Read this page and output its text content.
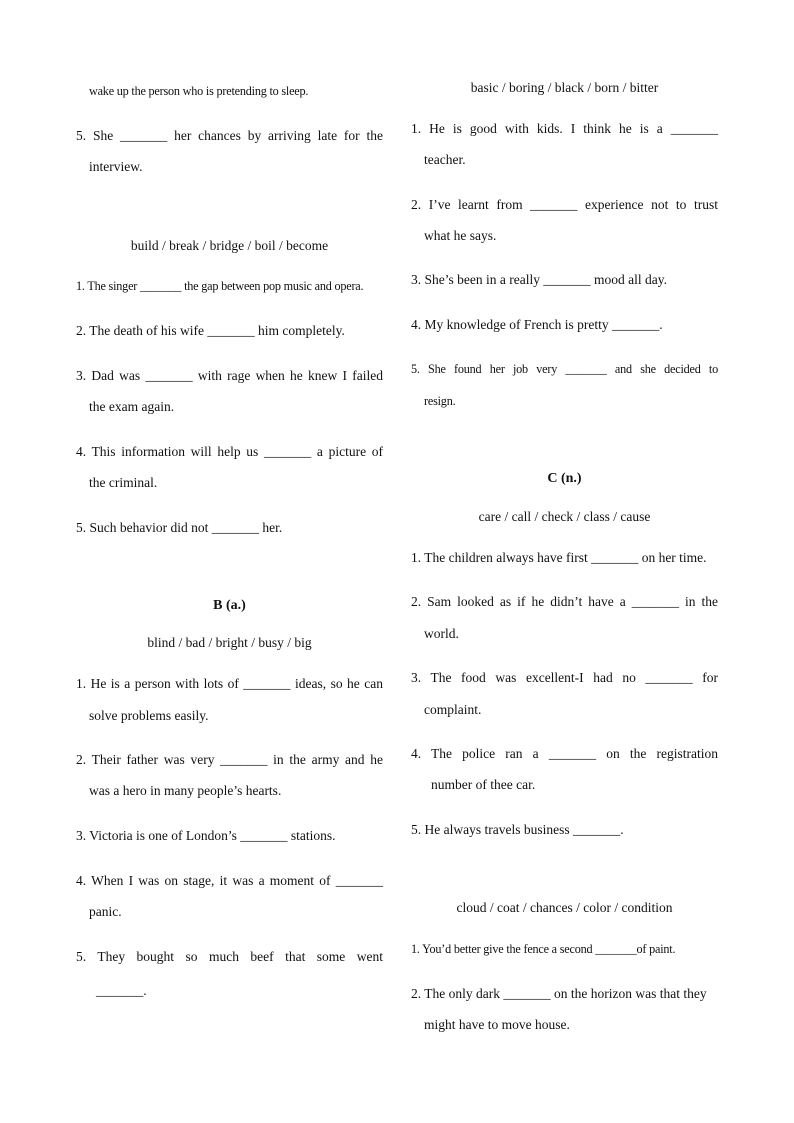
wake up the person who is pretending to sleep.
5. She _______ her chances by arriving late for the
interview.
build / break / bridge / boil / become
1. The singer _______ the gap between pop music and opera.
2. The death of his wife _______ him completely.
3. Dad was _______ with rage when he knew I failed
the exam again.
4. This information will help us _______ a picture of
the criminal.
5. Such behavior did not _______ her.
B (a.)
blind / bad / bright / busy / big
1. He is a person with lots of _______ ideas, so he can
solve problems easily.
2. Their father was very _______ in the army and he
was a hero in many people’s hearts.
3. Victoria is one of London’s _______ stations.
4. When I was on stage, it was a moment of _______
panic.
5. They bought so much beef that some went
_______.
basic / boring / black / born / bitter
1. He is good with kids. I think he is a _______
teacher.
2. I’ve learnt from _______ experience not to trust
what he says.
3. She’s been in a really _______ mood all day.
4. My knowledge of French is pretty _______.
5. She found her job very _______ and she decided to
resign.
C (n.)
care / call / check / class / cause
1. The children always have first _______ on her time.
2. Sam looked as if he didn’t have a _______ in the
world.
3. The food was excellent-I had no _______ for
complaint.
4. The police ran a _______ on the registration
number of thee car.
5. He always travels business _______.
cloud / coat / chances / color / condition
1. You’d better give the fence a second _______of paint.
2. The only dark _______ on the horizon was that they
might have to move house.
